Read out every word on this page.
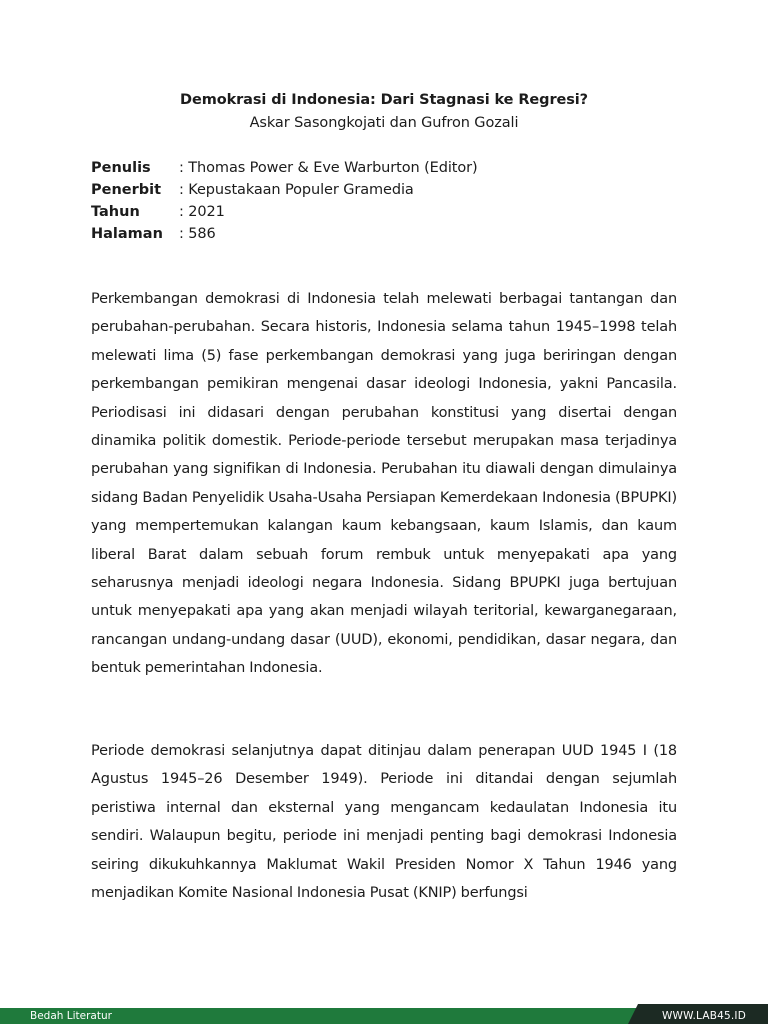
Demokrasi di Indonesia: Dari Stagnasi ke Regresi?
Askar Sasongkojati dan Gufron Gozali
Penulis	: Thomas Power & Eve Warburton (Editor)
Penerbit	: Kepustakaan Populer Gramedia
Tahun	: 2021
Halaman	: 586

Perkembangan demokrasi di Indonesia telah melewati berbagai tantangan dan perubahan-perubahan. Secara historis, Indonesia selama tahun 1945–1998 telah melewati lima (5) fase perkembangan demokrasi yang juga beriringan dengan perkembangan pemikiran mengenai dasar ideologi Indonesia, yakni Pancasila. Periodisasi ini didasari dengan perubahan konstitusi yang disertai dengan dinamika politik domestik. Periode-periode tersebut merupakan masa terjadinya perubahan yang signifikan di Indonesia. Perubahan itu diawali dengan dimulainya sidang Badan Penyelidik Usaha-Usaha Persiapan Kemerdekaan Indonesia (BPUPKI) yang mempertemukan kalangan kaum kebangsaan, kaum Islamis, dan kaum liberal Barat dalam sebuah forum rembuk untuk menyepakati apa yang seharusnya menjadi ideologi negara Indonesia. Sidang BPUPKI juga bertujuan untuk menyepakati apa yang akan menjadi wilayah teritorial, kewarganegaraan, rancangan undang-undang dasar (UUD), ekonomi, pendidikan, dasar negara, dan bentuk pemerintahan Indonesia.

Periode demokrasi selanjutnya dapat ditinjau dalam penerapan UUD 1945 I (18 Agustus 1945–26 Desember 1949). Periode ini ditandai dengan sejumlah peristiwa internal dan eksternal yang mengancam kedaulatan Indonesia itu sendiri. Walaupun begitu, periode ini menjadi penting bagi demokrasi Indonesia seiring dikukuhkannya Maklumat Wakil Presiden Nomor X Tahun 1946 yang menjadikan Komite Nasional Indonesia Pusat (KNIP) berfungsi

Bedah Literatur	WWW.LAB45.ID
